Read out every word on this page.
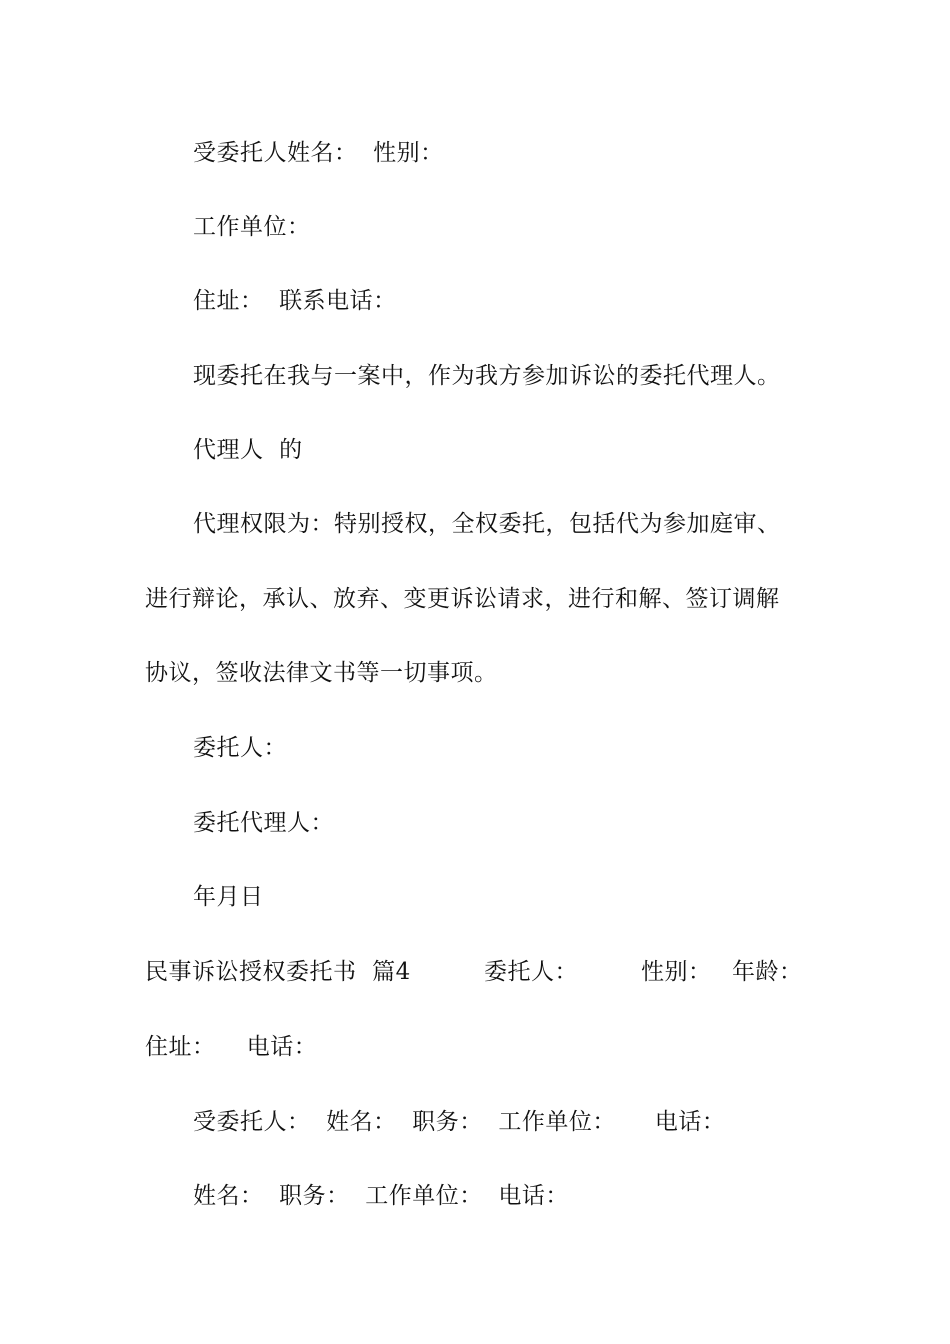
受委托人姓名：  性别：
工作单位：
住址：  联系电话：
现委托在我与一案中，作为我方参加诉讼的委托代理人。
代理人  的
代理权限为：特别授权，全权委托，包括代为参加庭审、
进行辩论，承认、放弃、变更诉讼请求，进行和解、签订调解
协议，签收法律文书等一切事项。
委托人：
委托代理人：
年月日

民事诉讼授权委托书  篇4

	委托人：

	性别：

年龄：

住址：    电话：
受委托人：  姓名：  职务：  工作单位：     电话：
姓名：  职务：  工作单位：  电话：
